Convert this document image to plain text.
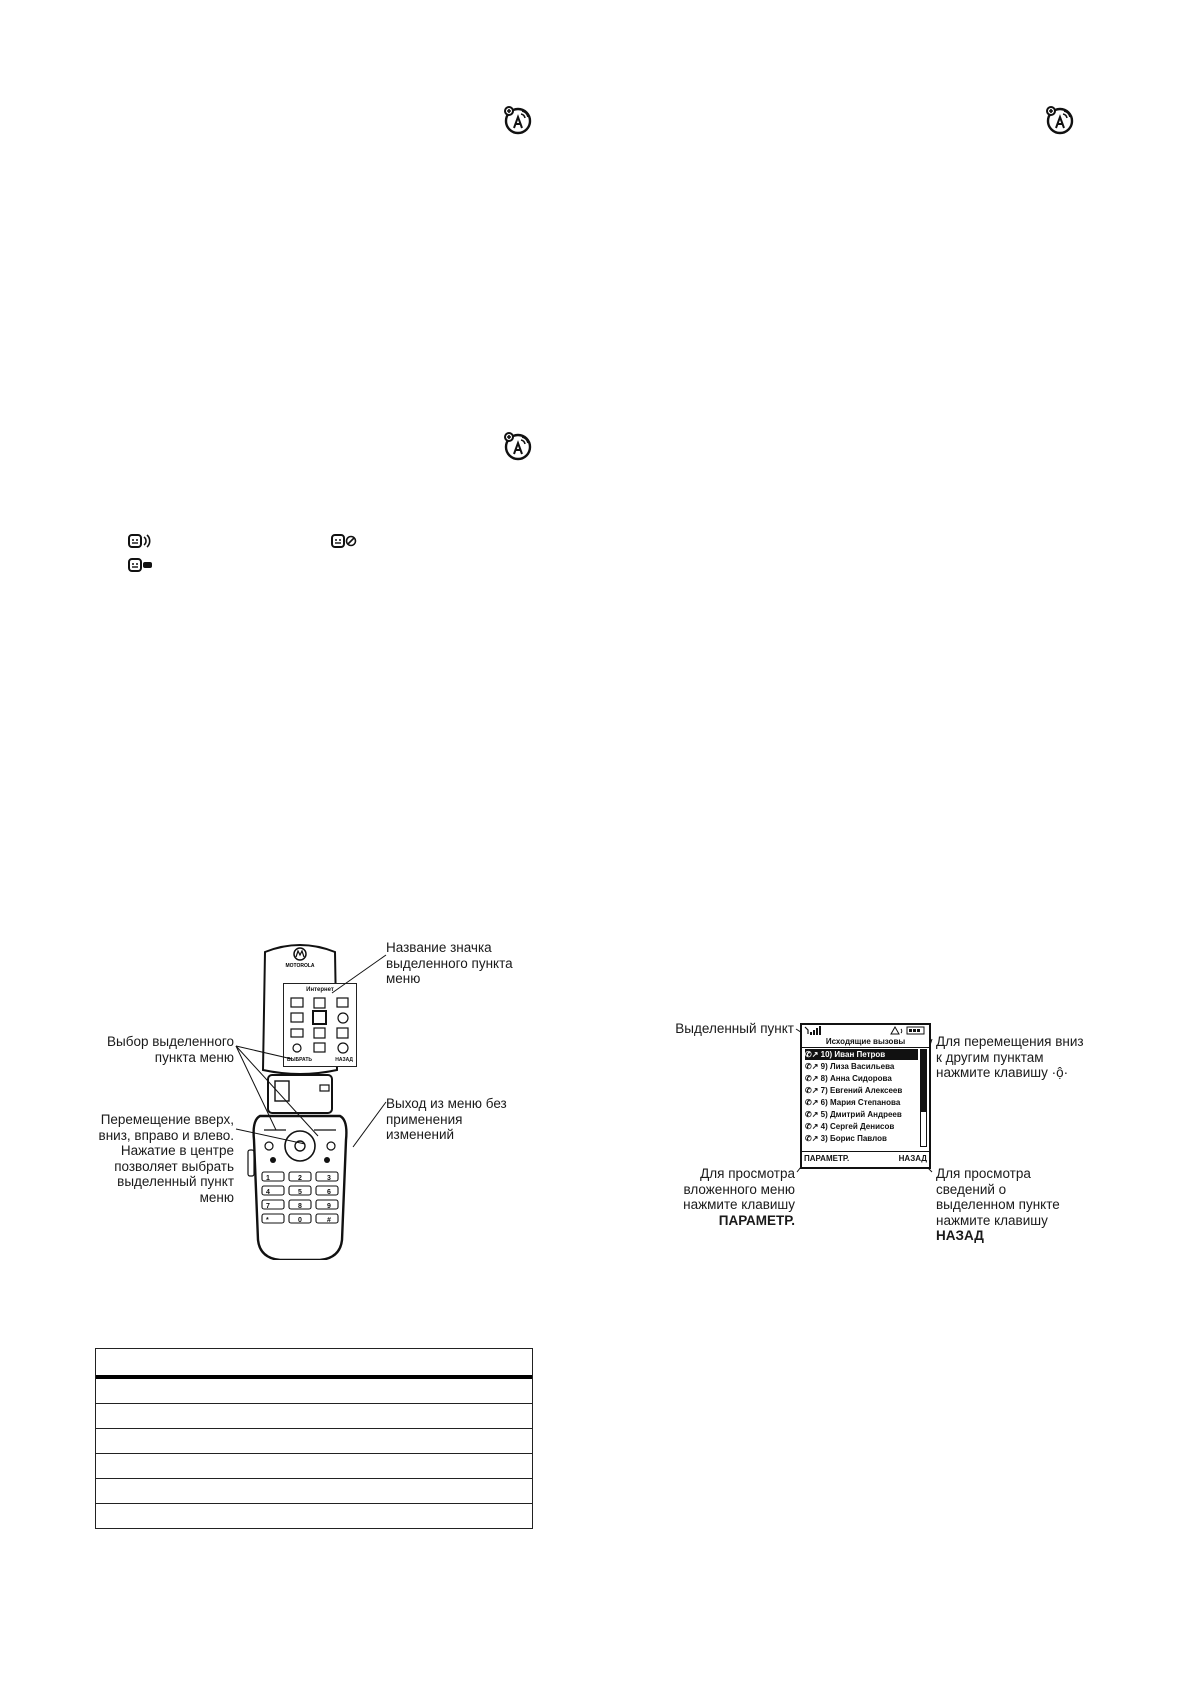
MOTOROLA
1	2	3
4	5	6
7	8	9
*	0	#
Интернет
ВЫБРАТЬ	НАЗАД
Название значка выделенного пункта меню
Выбор выделенного пункта меню
Перемещение вверх, вниз, вправо и влево. Нажатие в центре позволяет выбрать выделенный пункт меню
Выход из меню без применения изменений
Исходящие вызовы
✆↗ 10) Иван Петров
✆↗ 9) Лиза Васильева
✆↗ 8) Анна Сидорова
✆↗ 7) Евгений Алексеев
✆↗ 6) Мария Степанова
✆↗ 5) Дмитрий Андреев
✆↗ 4) Сергей Денисов
✆↗ 3) Борис Павлов
ПАРАМЕТР.	НАЗАД
Выделенный пункт
Для перемещения вниз к другим пунктам нажмите клавишу ·ộ·
Для просмотра вложенного меню нажмите клавишу ПАРАМЕТР.
Для просмотра сведений о выделенном пункте нажмите клавишу НАЗАД
